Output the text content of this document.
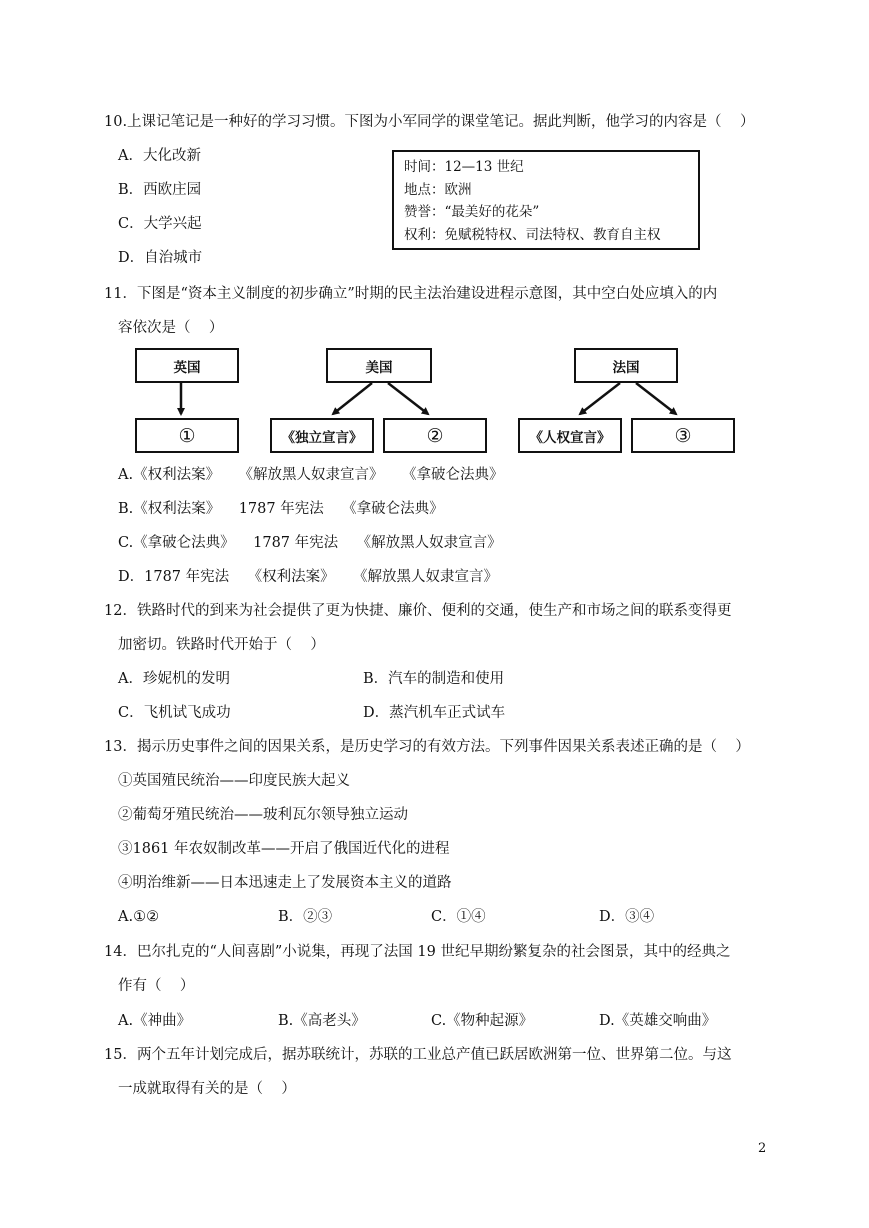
10.上课记笔记是一种好的学习习惯。下图为小军同学的课堂笔记。据此判断，他学习的内容是（    ）
A．大化改新
B．西欧庄园
C．大学兴起
D．自治城市
时间：12—13 世纪
地点：欧洲
赞誉：“最美好的花朵”
权利：免赋税特权、司法特权、教育自主权
11．下图是“资本主义制度的初步确立”时期的民主法治建设进程示意图，其中空白处应填入的内
容依次是（    ）
英国	美国	法国
①	《独立宣言》	②	《人权宣言》	③
A.《权利法案》    《解放黑人奴隶宣言》    《拿破仑法典》
B.《权利法案》    1787 年宪法    《拿破仑法典》
C.《拿破仑法典》    1787 年宪法    《解放黑人奴隶宣言》
D．1787 年宪法    《权利法案》    《解放黑人奴隶宣言》
12．铁路时代的到来为社会提供了更为快捷、廉价、便利的交通，使生产和市场之间的联系变得更
加密切。铁路时代开始于（    ）
A．珍妮机的发明	B．汽车的制造和使用
C．飞机试飞成功	D．蒸汽机车正式试车
13．揭示历史事件之间的因果关系，是历史学习的有效方法。下列事件因果关系表述正确的是（    ）
①英国殖民统治——印度民族大起义
②葡萄牙殖民统治——玻利瓦尔领导独立运动
③1861 年农奴制改革——开启了俄国近代化的进程
④明治维新——日本迅速走上了发展资本主义的道路
A.①②	B．②③	C．①④	D．③④
14．巴尔扎克的“人间喜剧”小说集，再现了法国 19 世纪早期纷繁复杂的社会图景，其中的经典之
作有（    ）
A.《神曲》	B.《高老头》	C.《物种起源》	D.《英雄交响曲》
15．两个五年计划完成后，据苏联统计，苏联的工业总产值已跃居欧洲第一位、世界第二位。与这
一成就取得有关的是（    ）
2
